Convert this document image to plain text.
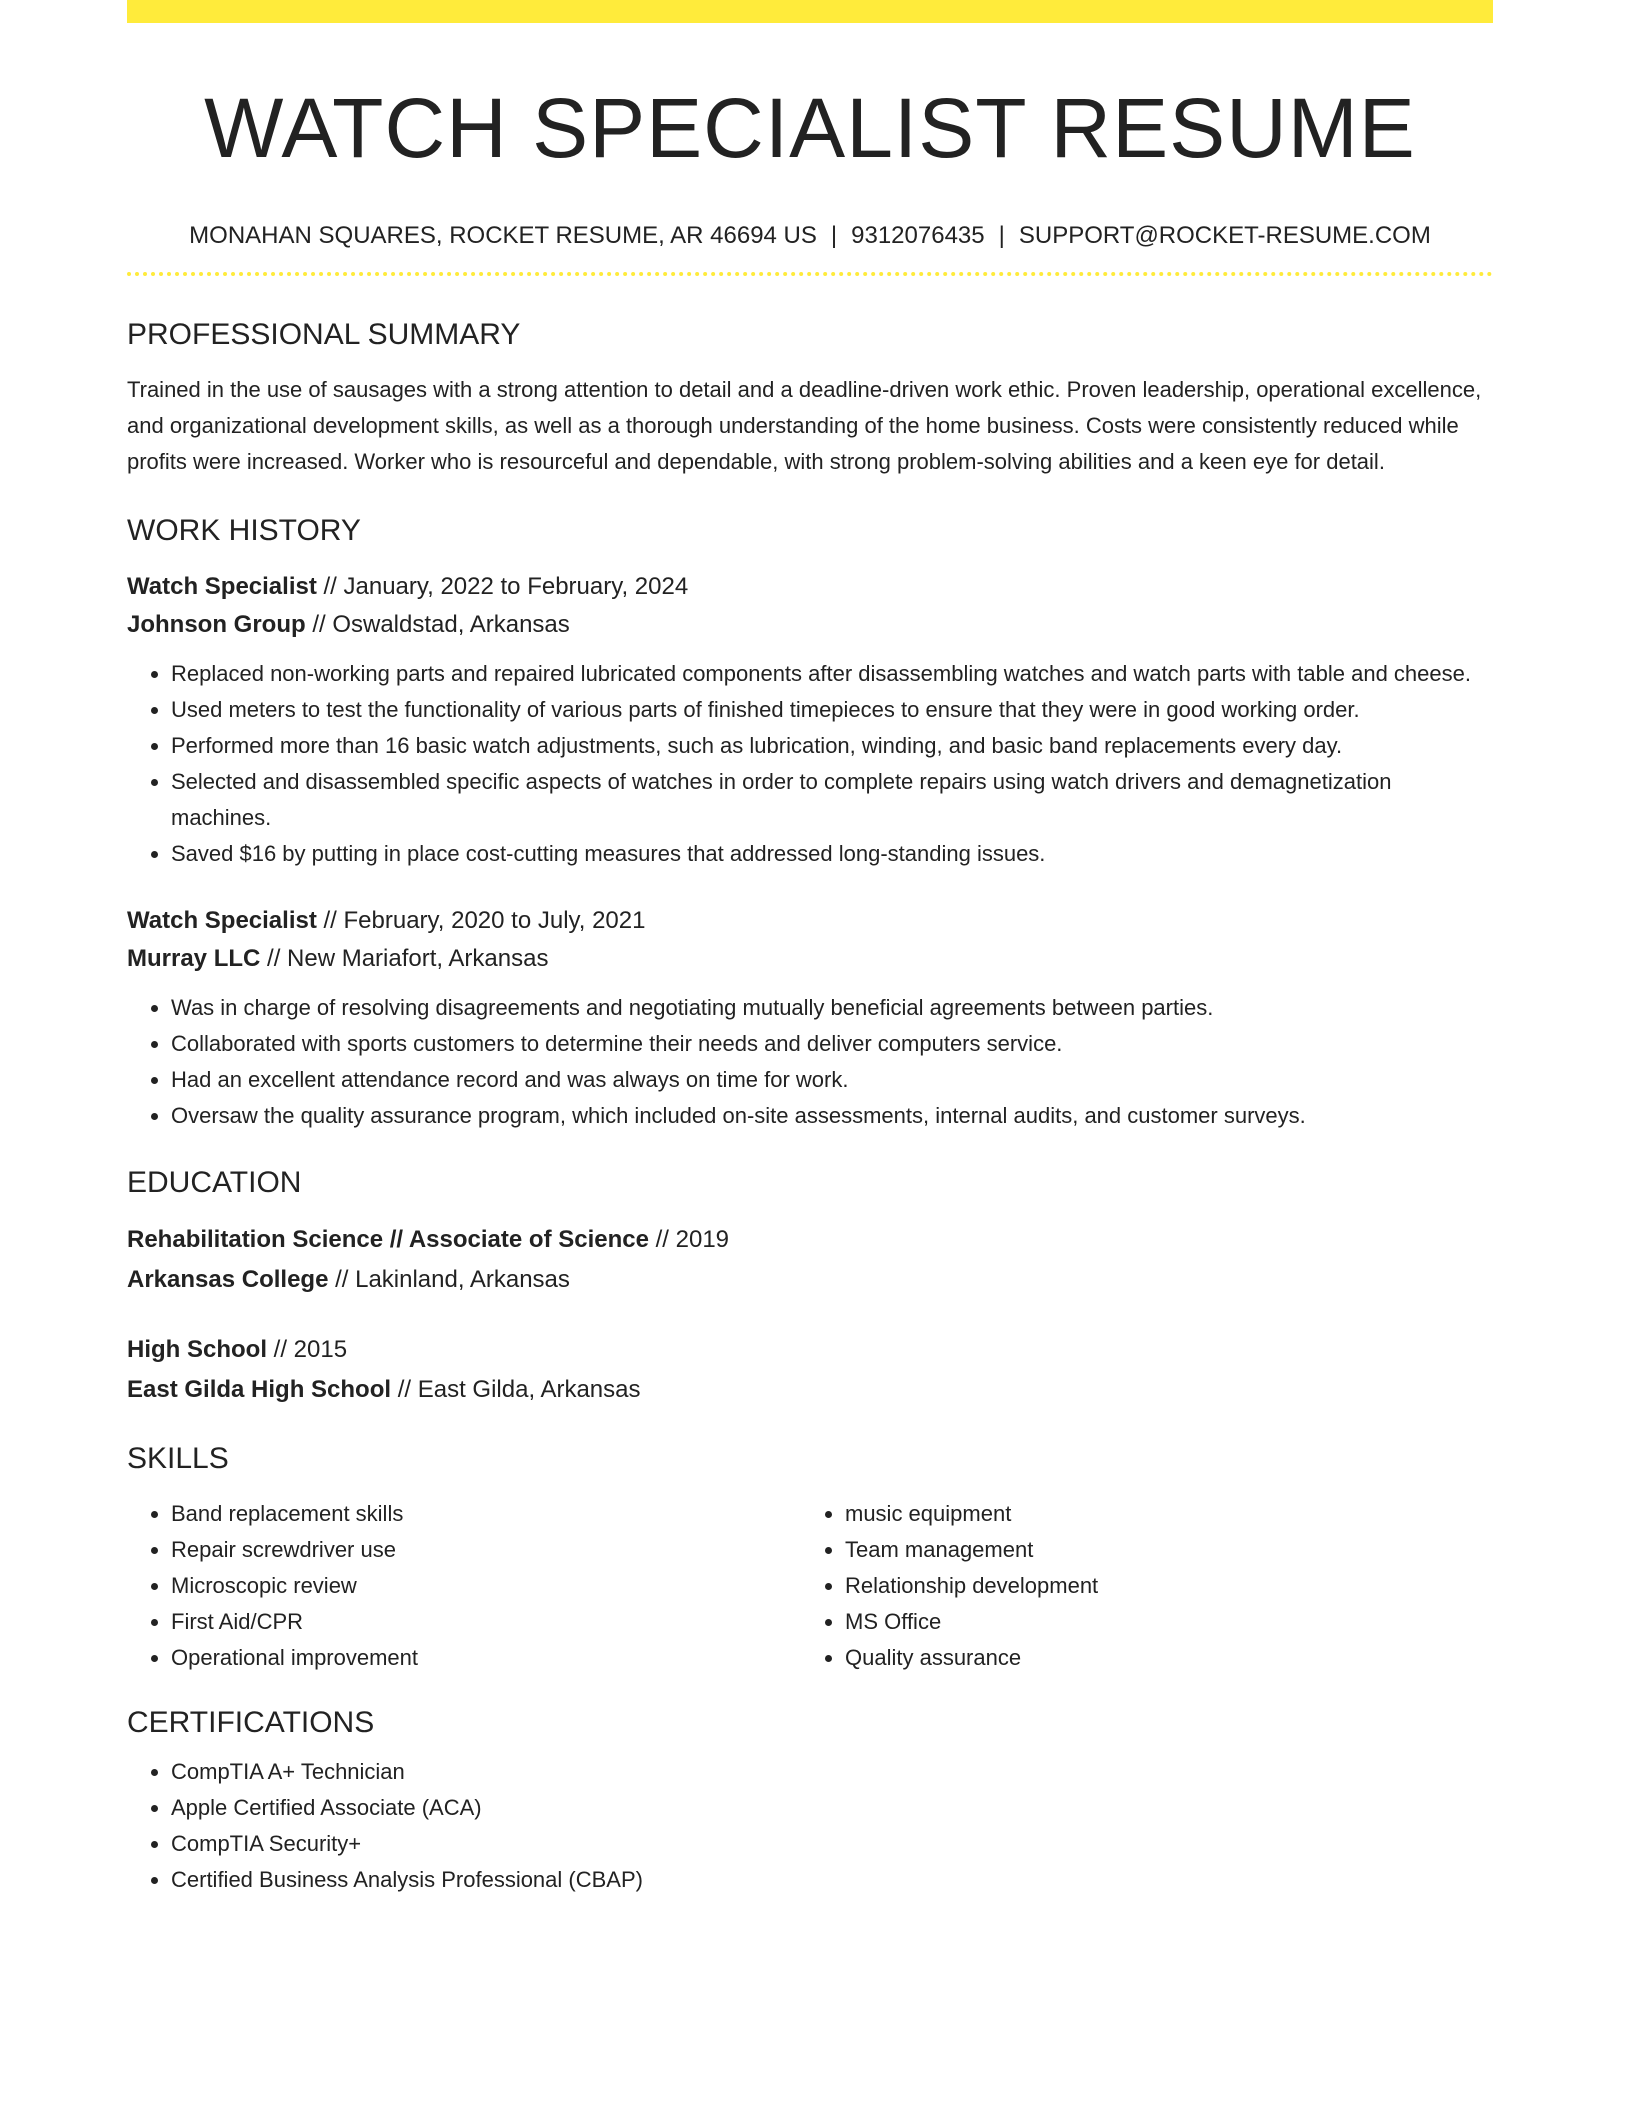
WATCH SPECIALIST RESUME
MONAHAN SQUARES, ROCKET RESUME, AR 46694 US | 9312076435 | SUPPORT@ROCKET-RESUME.COM
PROFESSIONAL SUMMARY

Trained in the use of sausages with a strong attention to detail and a deadline-driven work ethic. Proven leadership, operational excellence, and organizational development skills, as well as a thorough understanding of the home business. Costs were consistently reduced while profits were increased. Worker who is resourceful and dependable, with strong problem-solving abilities and a keen eye for detail.

WORK HISTORY
Watch Specialist // January, 2022 to February, 2024
Johnson Group // Oswaldstad, Arkansas
• Replaced non-working parts and repaired lubricated components after disassembling watches and watch parts with table and cheese.
• Used meters to test the functionality of various parts of finished timepieces to ensure that they were in good working order.
• Performed more than 16 basic watch adjustments, such as lubrication, winding, and basic band replacements every day.
• Selected and disassembled specific aspects of watches in order to complete repairs using watch drivers and demagnetization machines.
• Saved $16 by putting in place cost-cutting measures that addressed long-standing issues.
Watch Specialist // February, 2020 to July, 2021
Murray LLC // New Mariafort, Arkansas
• Was in charge of resolving disagreements and negotiating mutually beneficial agreements between parties.
• Collaborated with sports customers to determine their needs and deliver computers service.
• Had an excellent attendance record and was always on time for work.
• Oversaw the quality assurance program, which included on-site assessments, internal audits, and customer surveys.
EDUCATION
Rehabilitation Science // Associate of Science // 2019
Arkansas College // Lakinland, Arkansas
High School // 2015
East Gilda High School // East Gilda, Arkansas
SKILLS
• Band replacement skills
• Repair screwdriver use
• Microscopic review
• First Aid/CPR
• Operational improvement
• music equipment
• Team management
• Relationship development
• MS Office
• Quality assurance
CERTIFICATIONS
• CompTIA A+ Technician
• Apple Certified Associate (ACA)
• CompTIA Security+
• Certified Business Analysis Professional (CBAP)
